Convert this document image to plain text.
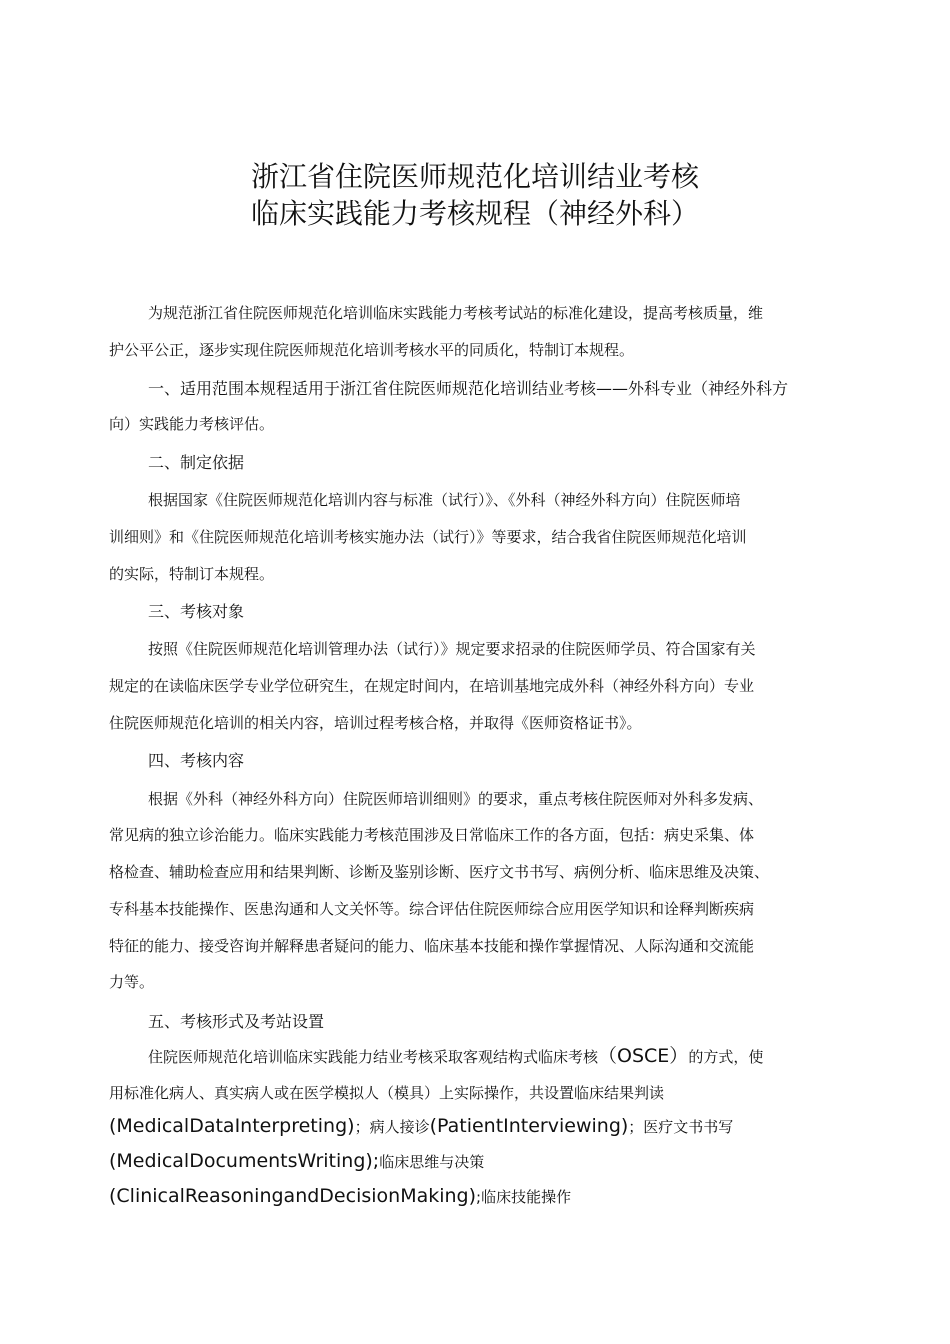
浙江省住院医师规范化培训结业考核
临床实践能力考核规程（神经外科）
为规范浙江省住院医师规范化培训临床实践能力考核考试站的标准化建设，提高考核质量，维
护公平公正，逐步实现住院医师规范化培训考核水平的同质化，特制订本规程。
一、适用范围本规程适用于浙江省住院医师规范化培训结业考核——外科专业（神经外科方
向）实践能力考核评估。
二、制定依据
根据国家《住院医师规范化培训内容与标准（试行）》、《外科（神经外科方向）住院医师培
训细则》和《住院医师规范化培训考核实施办法（试行）》等要求，结合我省住院医师规范化培训
的实际，特制订本规程。
三、考核对象
按照《住院医师规范化培训管理办法（试行）》规定要求招录的住院医师学员、符合国家有关
规定的在读临床医学专业学位研究生，在规定时间内，在培训基地完成外科（神经外科方向）专业
住院医师规范化培训的相关内容，培训过程考核合格，并取得《医师资格证书》。
四、考核内容
根据《外科（神经外科方向）住院医师培训细则》的要求，重点考核住院医师对外科多发病、
常见病的独立诊治能力。临床实践能力考核范围涉及日常临床工作的各方面，包括：病史采集、体
格检查、辅助检查应用和结果判断、诊断及鉴别诊断、医疗文书书写、病例分析、临床思维及决策、
专科基本技能操作、医患沟通和人文关怀等。综合评估住院医师综合应用医学知识和诠释判断疾病
特征的能力、接受咨询并解释患者疑问的能力、临床基本技能和操作掌握情况、人际沟通和交流能
力等。
五、考核形式及考站设置
住院医师规范化培训临床实践能力结业考核采取客观结构式临床考核（OSCE）的方式，使
用标准化病人、真实病人或在医学模拟人（模具）上实际操作，共设置临床结果判读
(MedicalDataInterpreting)；病人接诊(PatientInterviewing)；医疗文书书写
(MedicalDocumentsWriting);临床思维与决策
(ClinicalReasoningandDecisionMaking);临床技能操作
